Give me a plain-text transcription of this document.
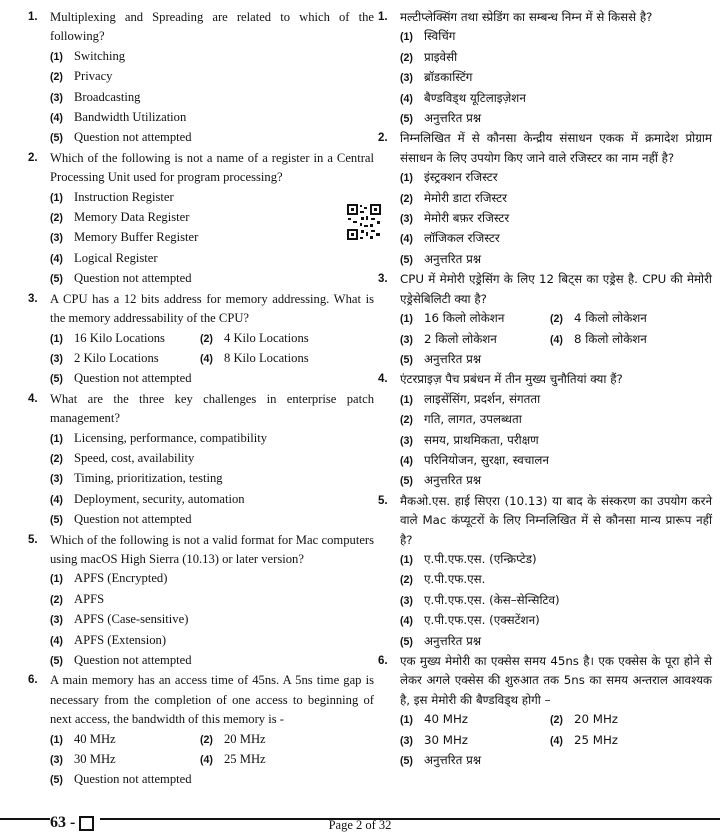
1. Multiplexing and Spreading are related to which of the following?
(1) Switching
(2) Privacy
(3) Broadcasting
(4) Bandwidth Utilization
(5) Question not attempted
2. Which of the following is not a name of a register in a Central Processing Unit used for program processing?
(1) Instruction Register
(2) Memory Data Register
(3) Memory Buffer Register
(4) Logical Register
(5) Question not attempted
3. A CPU has a 12 bits address for memory addressing. What is the memory addressability of the CPU?
(1) 16 Kilo Locations	(2) 4 Kilo Locations
(3) 2 Kilo Locations	(4) 8 Kilo Locations
(5) Question not attempted
4. What are the three key challenges in enterprise patch management?
(1) Licensing, performance, compatibility
(2) Speed, cost, availability
(3) Timing, prioritization, testing
(4) Deployment, security, automation
(5) Question not attempted
5. Which of the following is not a valid format for Mac computers using macOS High Sierra (10.13) or later version?
(1) APFS (Encrypted)
(2) APFS
(3) APFS (Case-sensitive)
(4) APFS (Extension)
(5) Question not attempted
6. A main memory has an access time of 45ns. A 5ns time gap is necessary from the completion of one access to beginning of next access, the bandwidth of this memory is -
(1) 40 MHz	(2) 20 MHz
(3) 30 MHz	(4) 25 MHz
(5) Question not attempted
1. मल्टीप्लेक्सिंग तथा स्प्रेडिंग का सम्बन्ध निम्न में से किससे है?
(1) स्विचिंग
(2) प्राइवेसी
(3) ब्रॉडकास्टिंग
(4) बैण्डविड्थ यूटिलाइज़ेशन
(5) अनुत्तरित प्रश्न
2. निम्नलिखित में से कौनसा केन्द्रीय संसाधन एकक में क्रमादेश प्रोग्राम संसाधन के लिए उपयोग किए जाने वाले रजिस्टर का नाम नहीं है?
(1) इंस्ट्रक्शन रजिस्टर
(2) मेमोरी डाटा रजिस्टर
(3) मेमोरी बफ़र रजिस्टर
(4) लॉजिकल रजिस्टर
(5) अनुत्तरित प्रश्न
3. CPU में मेमोरी एड्रेसिंग के लिए 12 बिट्स का एड्रेस है. CPU की मेमोरी एड्रेसेबिलिटी क्या है?
(1) 16 किलो लोकेशन	(2) 4 किलो लोकेशन
(3) 2 किलो लोकेशन	(4) 8 किलो लोकेशन
(5) अनुत्तरित प्रश्न
4. एंटरप्राइज़ पैच प्रबंधन में तीन मुख्य चुनौतियां क्या हैं?
(1) लाइसेंसिंग, प्रदर्शन, संगतता
(2) गति, लागत, उपलब्धता
(3) समय, प्राथमिकता, परीक्षण
(4) परिनियोजन, सुरक्षा, स्वचालन
(5) अनुत्तरित प्रश्न
5. मैकओ.एस. हाई सिएरा (10.13) या बाद के संस्करण का उपयोग करने वाले Mac कंप्यूटरों के लिए निम्नलिखित में से कौनसा मान्य प्रारूप नहीं है?
(1) ए.पी.एफ.एस. (एन्क्रिप्टेड)
(2) ए.पी.एफ.एस.
(3) ए.पी.एफ.एस. (केस–सेन्सिटिव)
(4) ए.पी.एफ.एस. (एक्सटेंशन)
(5) अनुत्तरित प्रश्न
6. एक मुख्य मेमोरी का एक्सेस समय 45ns है। एक एक्सेस के पूरा होने से लेकर अगले एक्सेस की शुरुआत तक 5ns का समय अन्तराल आवश्यक है, इस मेमोरी की बैण्डविड्थ होगी –
(1) 40 MHz	(2) 20 MHz
(3) 30 MHz	(4) 25 MHz
(5) अनुत्तरित प्रश्न
Page 2 of 32
63 -
